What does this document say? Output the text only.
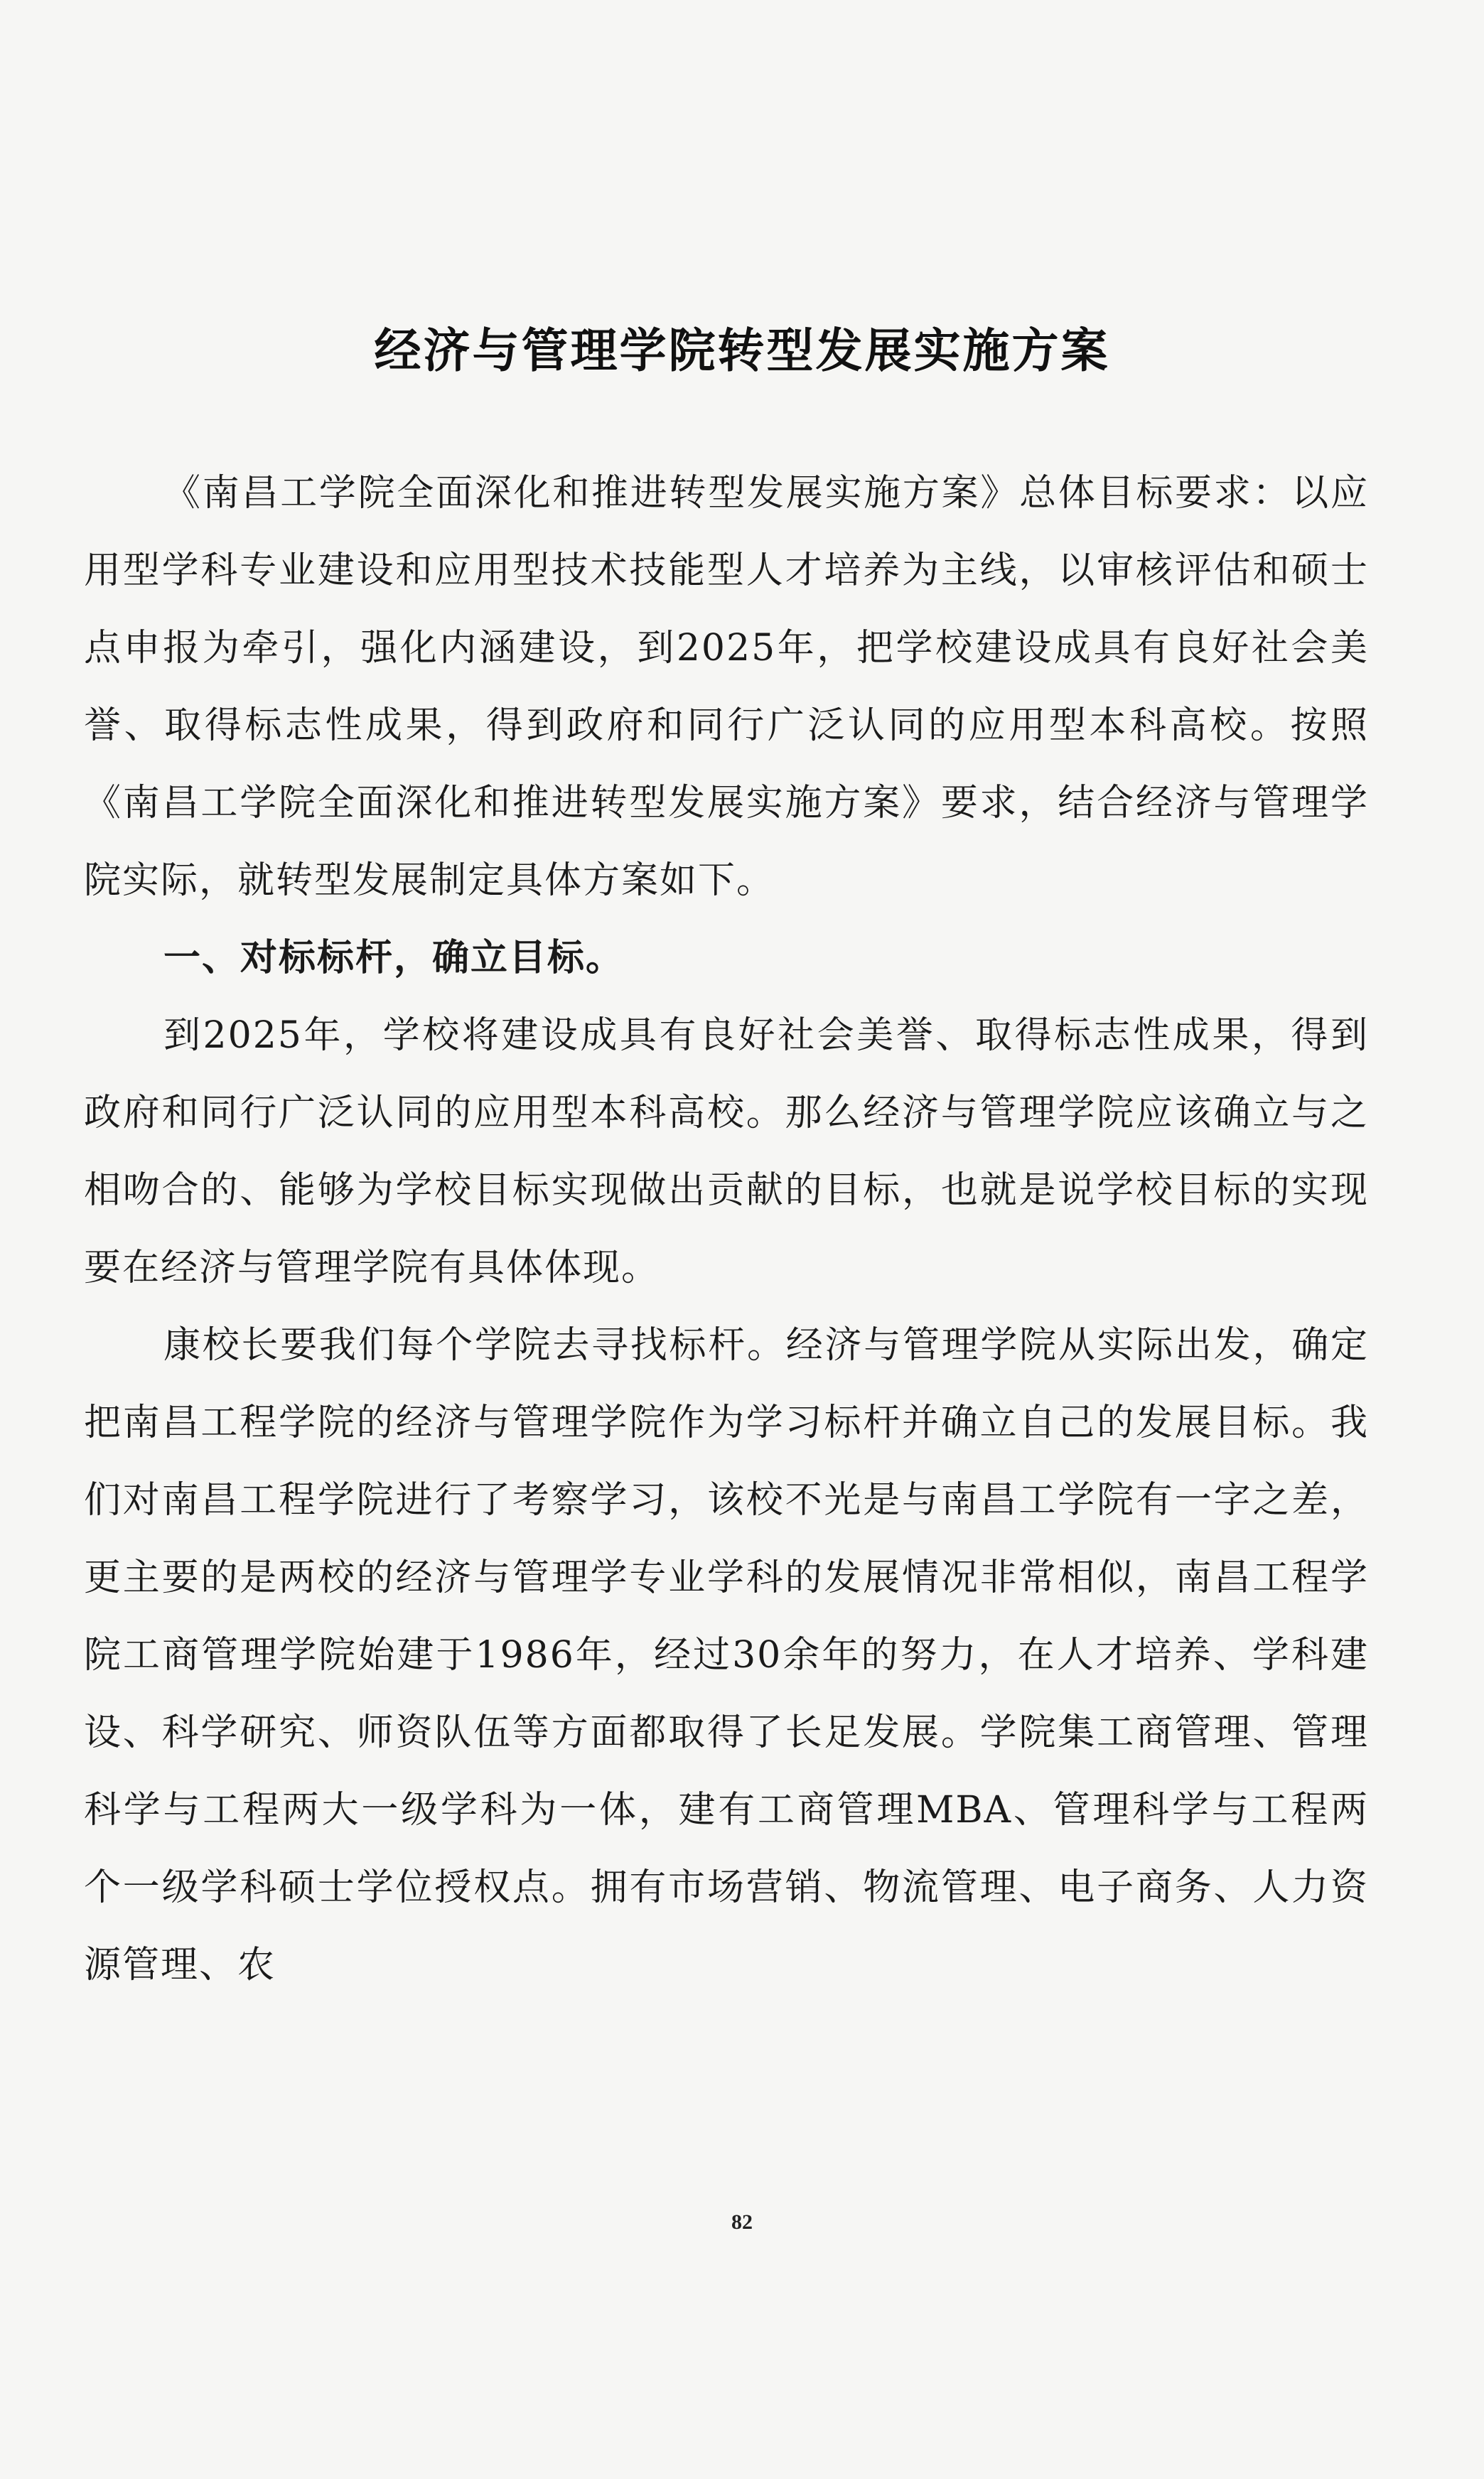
经济与管理学院转型发展实施方案

《南昌工学院全面深化和推进转型发展实施方案》总体目标要求：以应用型学科专业建设和应用型技术技能型人才培养为主线，以审核评估和硕士点申报为牵引，强化内涵建设，到2025年，把学校建设成具有良好社会美誉、取得标志性成果，得到政府和同行广泛认同的应用型本科高校。按照《南昌工学院全面深化和推进转型发展实施方案》要求，结合经济与管理学院实际，就转型发展制定具体方案如下。

一、对标标杆，确立目标。

到2025年，学校将建设成具有良好社会美誉、取得标志性成果，得到政府和同行广泛认同的应用型本科高校。那么经济与管理学院应该确立与之相吻合的、能够为学校目标实现做出贡献的目标，也就是说学校目标的实现要在经济与管理学院有具体体现。

康校长要我们每个学院去寻找标杆。经济与管理学院从实际出发，确定把南昌工程学院的经济与管理学院作为学习标杆并确立自己的发展目标。我们对南昌工程学院进行了考察学习，该校不光是与南昌工学院有一字之差，更主要的是两校的经济与管理学专业学科的发展情况非常相似，南昌工程学院工商管理学院始建于1986年，经过30余年的努力，在人才培养、学科建设、科学研究、师资队伍等方面都取得了长足发展。学院集工商管理、管理科学与工程两大一级学科为一体，建有工商管理MBA、管理科学与工程两个一级学科硕士学位授权点。拥有市场营销、物流管理、电子商务、人力资源管理、农

82
